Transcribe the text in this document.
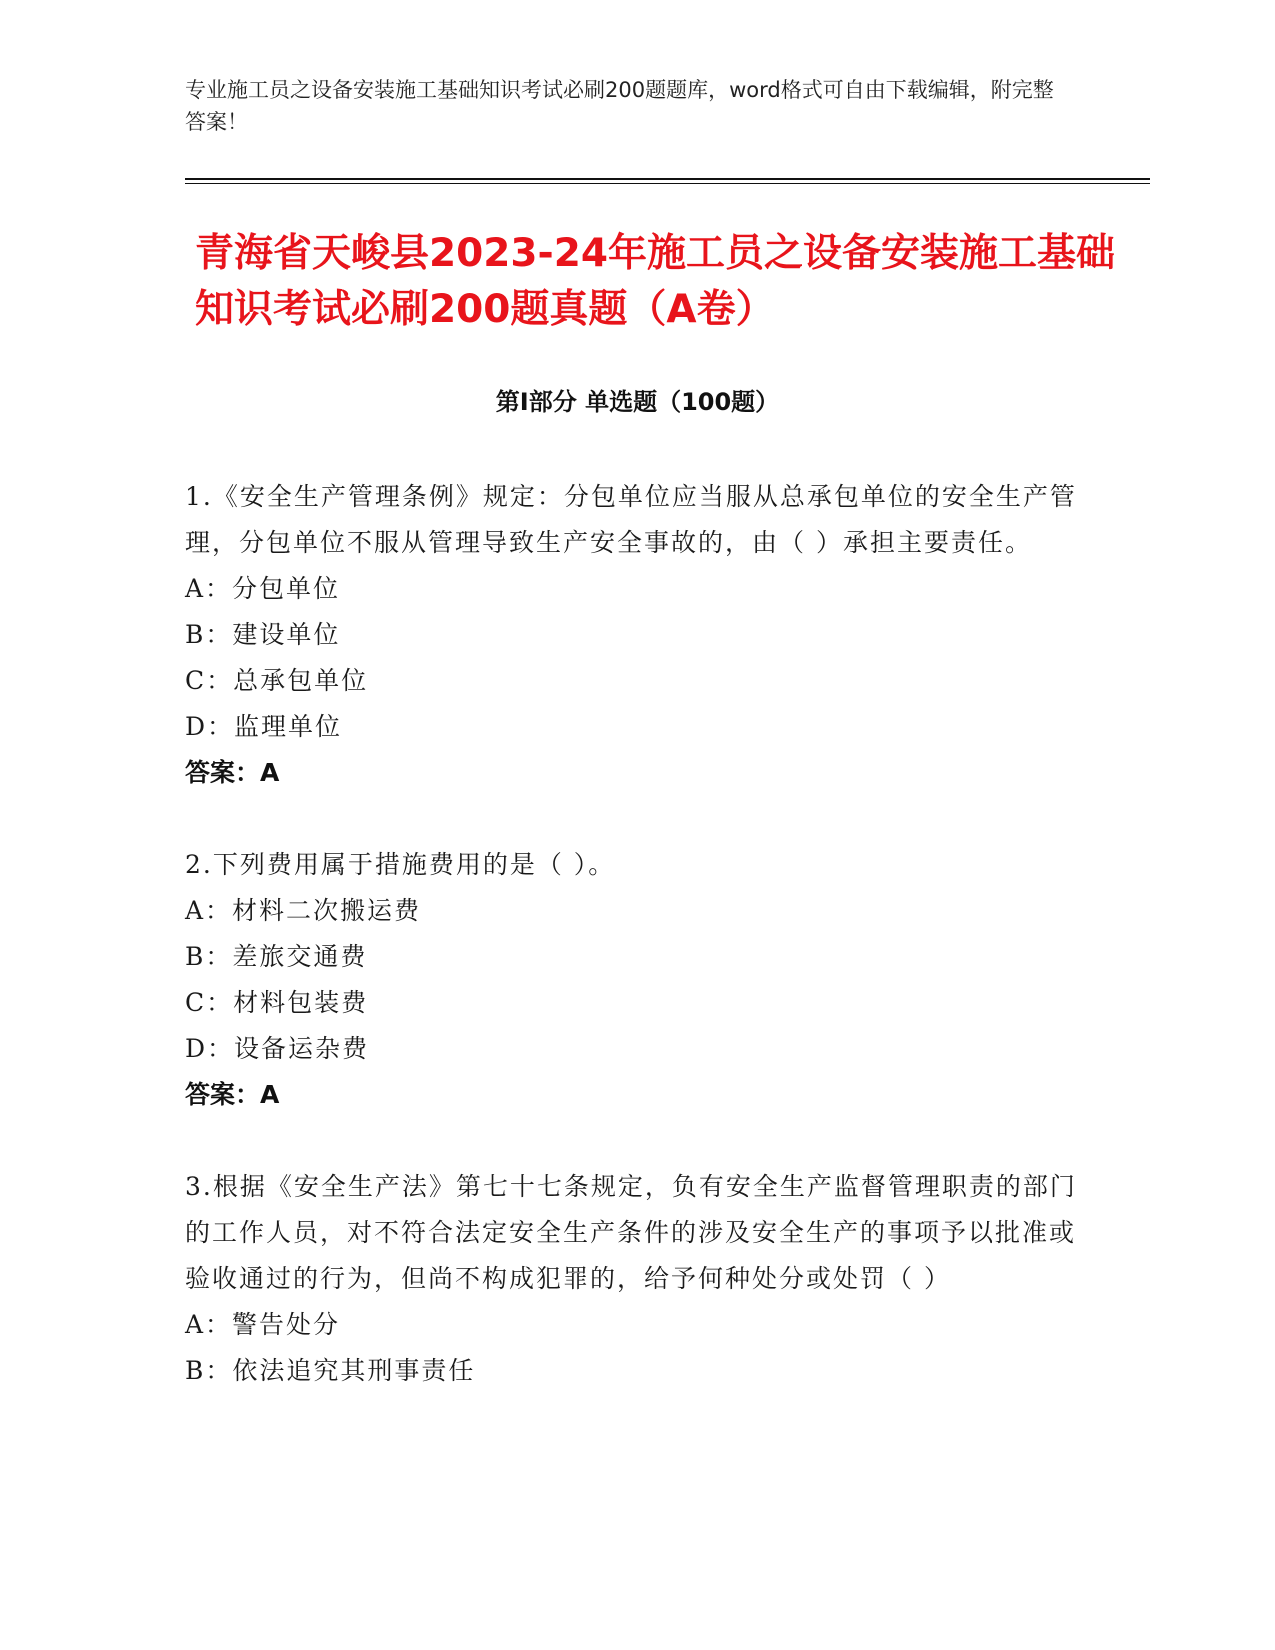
专业施工员之设备安装施工基础知识考试必刷200题题库，word格式可自由下载编辑，附完整答案！
青海省天峻县2023-24年施工员之设备安装施工基础知识考试必刷200题真题（A卷）
第Ⅰ部分 单选题（100题）
1.《安全生产管理条例》规定：分包单位应当服从总承包单位的安全生产管理，分包单位不服从管理导致生产安全事故的，由（ ）承担主要责任。
A：分包单位
B：建设单位
C：总承包单位
D：监理单位
答案：A
2.下列费用属于措施费用的是（ ）。
A：材料二次搬运费
B：差旅交通费
C：材料包装费
D：设备运杂费
答案：A
3.根据《安全生产法》第七十七条规定，负有安全生产监督管理职责的部门的工作人员，对不符合法定安全生产条件的涉及安全生产的事项予以批准或验收通过的行为，但尚不构成犯罪的，给予何种处分或处罚（ ）
A：警告处分
B：依法追究其刑事责任
